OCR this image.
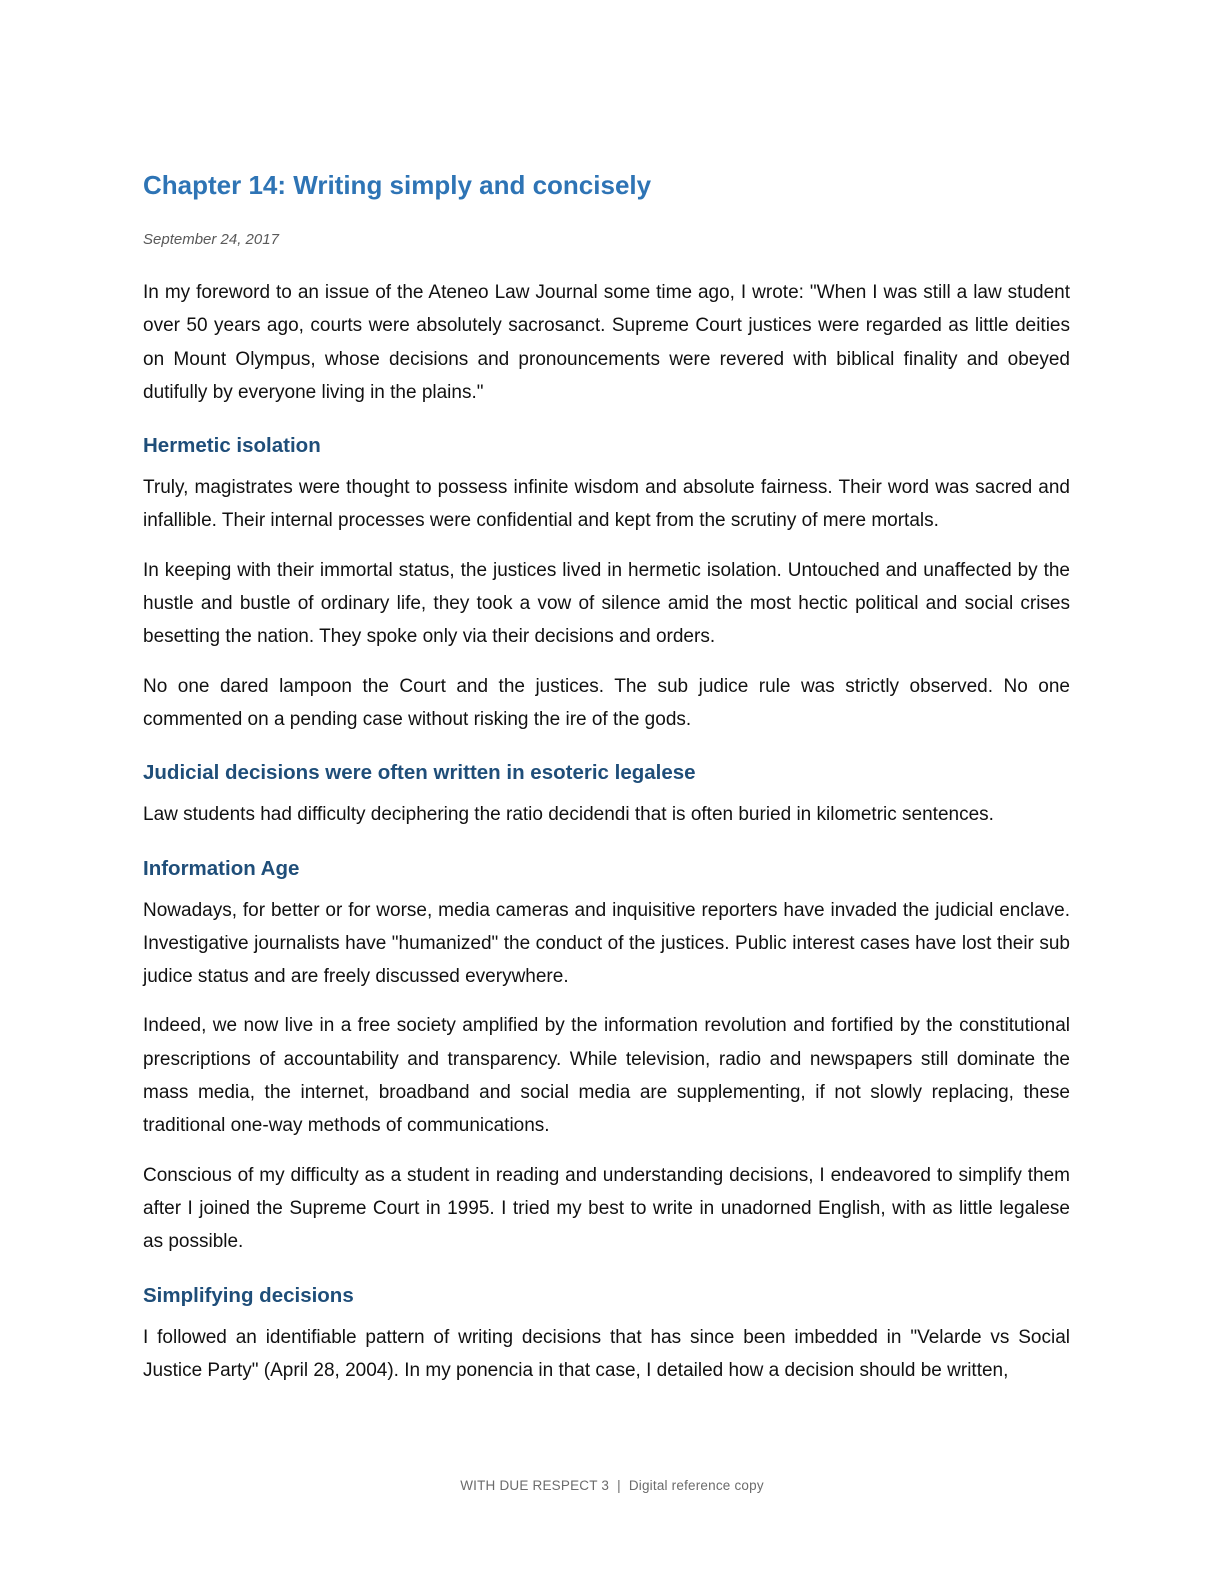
Chapter 14: Writing simply and concisely

September 24, 2017

In my foreword to an issue of the Ateneo Law Journal some time ago, I wrote: "When I was still a law student over 50 years ago, courts were absolutely sacrosanct. Supreme Court justices were regarded as little deities on Mount Olympus, whose decisions and pronouncements were revered with biblical finality and obeyed dutifully by everyone living in the plains."

Hermetic isolation

Truly, magistrates were thought to possess infinite wisdom and absolute fairness. Their word was sacred and infallible. Their internal processes were confidential and kept from the scrutiny of mere mortals.

In keeping with their immortal status, the justices lived in hermetic isolation. Untouched and unaffected by the hustle and bustle of ordinary life, they took a vow of silence amid the most hectic political and social crises besetting the nation. They spoke only via their decisions and orders.

No one dared lampoon the Court and the justices. The sub judice rule was strictly observed. No one commented on a pending case without risking the ire of the gods.

Judicial decisions were often written in esoteric legalese

Law students had difficulty deciphering the ratio decidendi that is often buried in kilometric sentences.

Information Age

Nowadays, for better or for worse, media cameras and inquisitive reporters have invaded the judicial enclave. Investigative journalists have "humanized" the conduct of the justices. Public interest cases have lost their sub judice status and are freely discussed everywhere.

Indeed, we now live in a free society amplified by the information revolution and fortified by the constitutional prescriptions of accountability and transparency. While television, radio and newspapers still dominate the mass media, the internet, broadband and social media are supplementing, if not slowly replacing, these traditional one-way methods of communications.

Conscious of my difficulty as a student in reading and understanding decisions, I endeavored to simplify them after I joined the Supreme Court in 1995. I tried my best to write in unadorned English, with as little legalese as possible.

Simplifying decisions

I followed an identifiable pattern of writing decisions that has since been imbedded in "Velarde vs Social Justice Party" (April 28, 2004). In my ponencia in that case, I detailed how a decision should be written,

WITH DUE RESPECT 3 | Digital reference copy
